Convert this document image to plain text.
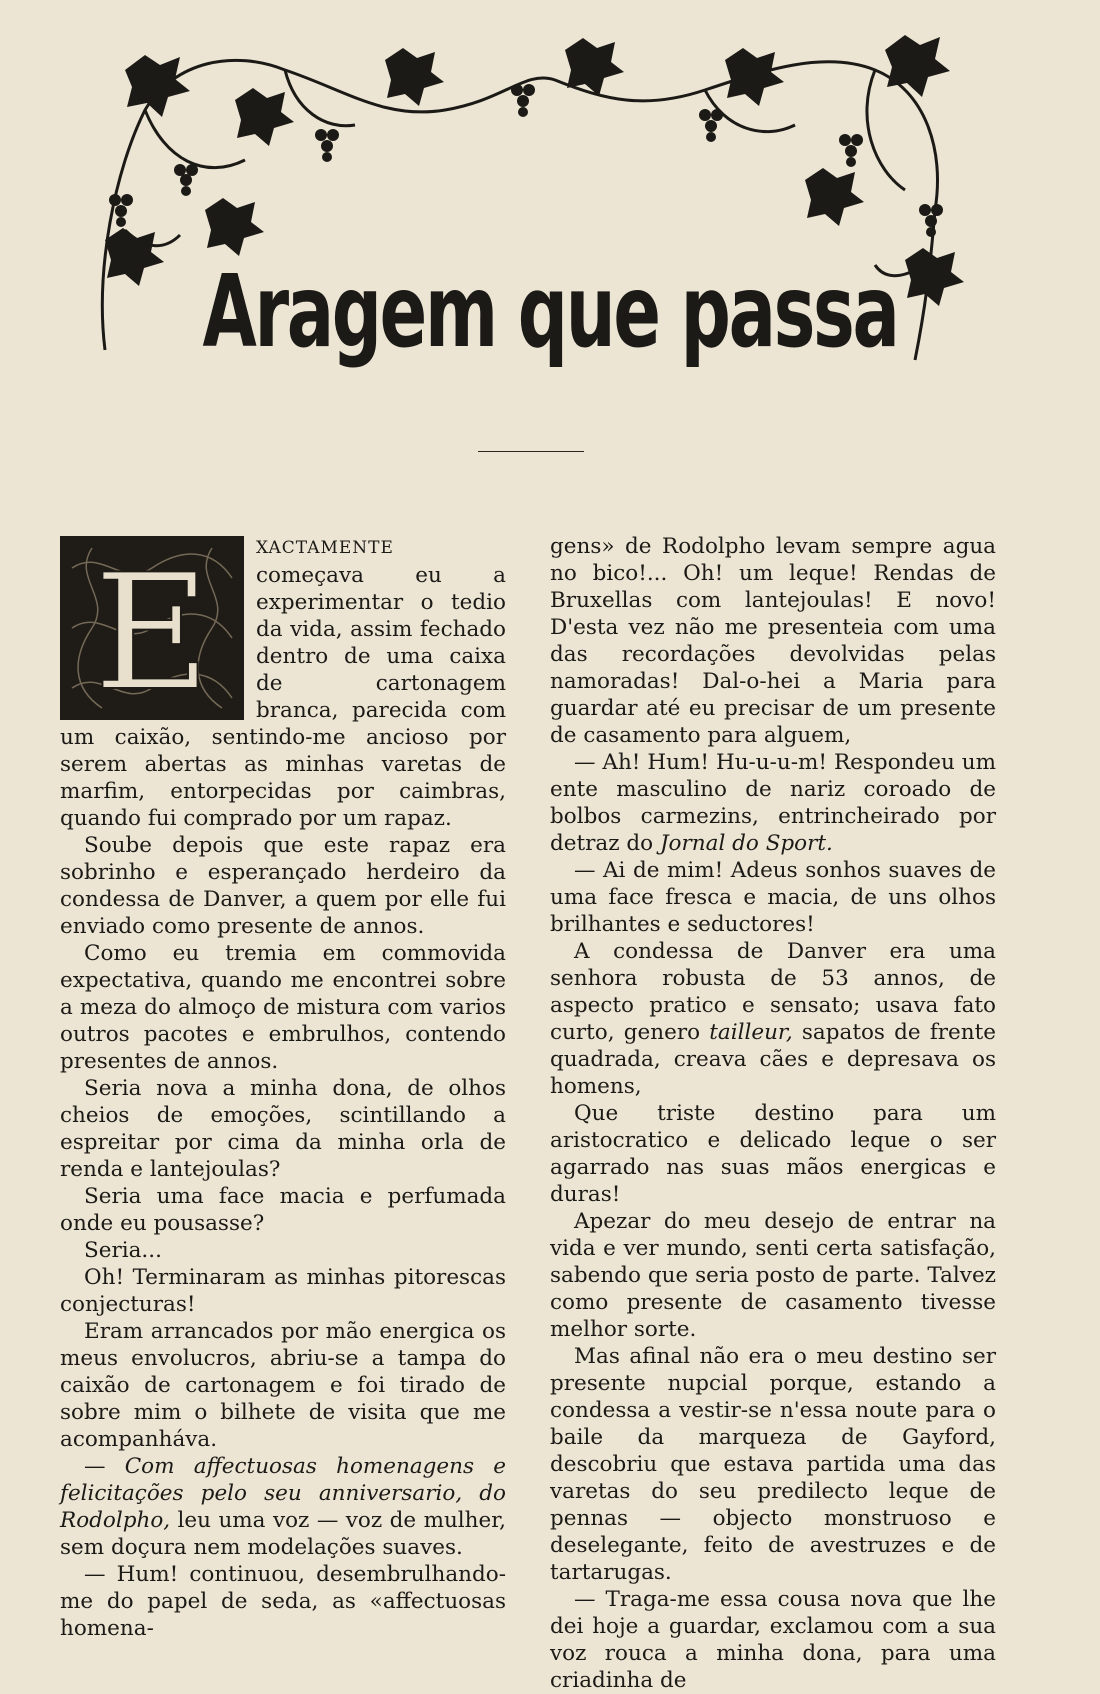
Aragem que passa

E	XACTAMENTE começava eu a experimentar o tedio da vida, assim fechado dentro de uma caixa de cartonagem branca, parecida com um caixão, sentindo-me ancioso por serem abertas as minhas varetas de marfim, entorpecidas por caimbras, quando fui comprado por um rapaz.

Soube depois que este rapaz era sobrinho e esperançado herdeiro da condessa de Danver, a quem por elle fui enviado como presente de annos.

Como eu tremia em commovida expectativa, quando me encontrei sobre a meza do almoço de mistura com varios outros pacotes e embrulhos, contendo presentes de annos.

Seria nova a minha dona, de olhos cheios de emoções, scintillando a espreitar por cima da minha orla de renda e lantejoulas?

Seria uma face macia e perfumada onde eu pousasse?

Seria...

Oh! Terminaram as minhas pitorescas conjecturas!

Eram arrancados por mão energica os meus envolucros, abriu-se a tampa do caixão de cartonagem e foi tirado de sobre mim o bilhete de visita que me acompanháva.

— Com affectuosas homenagens e felicitações pelo seu anniversario, do Rodolpho, leu uma voz — voz de mulher, sem doçura nem modelações suaves.

— Hum! continuou, desembrulhando-me do papel de seda, as «affectuosas homena-

gens» de Rodolpho levam sempre agua no bico!... Oh! um leque! Rendas de Bruxellas com lantejoulas! E novo! D'esta vez não me presenteia com uma das recordações devolvidas pelas namoradas! Dal-o-hei a Maria para guardar até eu precisar de um presente de casamento para alguem,

— Ah! Hum! Hu-u-u-m! Respondeu um ente masculino de nariz coroado de bolbos carmezins, entrincheirado por detraz do Jornal do Sport.

— Ai de mim! Adeus sonhos suaves de uma face fresca e macia, de uns olhos brilhantes e seductores!

A condessa de Danver era uma senhora robusta de 53 annos, de aspecto pratico e sensato; usava fato curto, genero tailleur, sapatos de frente quadrada, creava cães e depresava os homens,

Que triste destino para um aristocratico e delicado leque o ser agarrado nas suas mãos energicas e duras!

Apezar do meu desejo de entrar na vida e ver mundo, senti certa satisfação, sabendo que seria posto de parte. Talvez como presente de casamento tivesse melhor sorte.

Mas afinal não era o meu destino ser presente nupcial porque, estando a condessa a vestir-se n'essa noute para o baile da marqueza de Gayford, descobriu que estava partida uma das varetas do seu predilecto leque de pennas — objecto monstruoso e deselegante, feito de avestruzes e de tartarugas.

— Traga-me essa cousa nova que lhe dei hoje a guardar, exclamou com a sua voz rouca a minha dona, para uma criadinha de
